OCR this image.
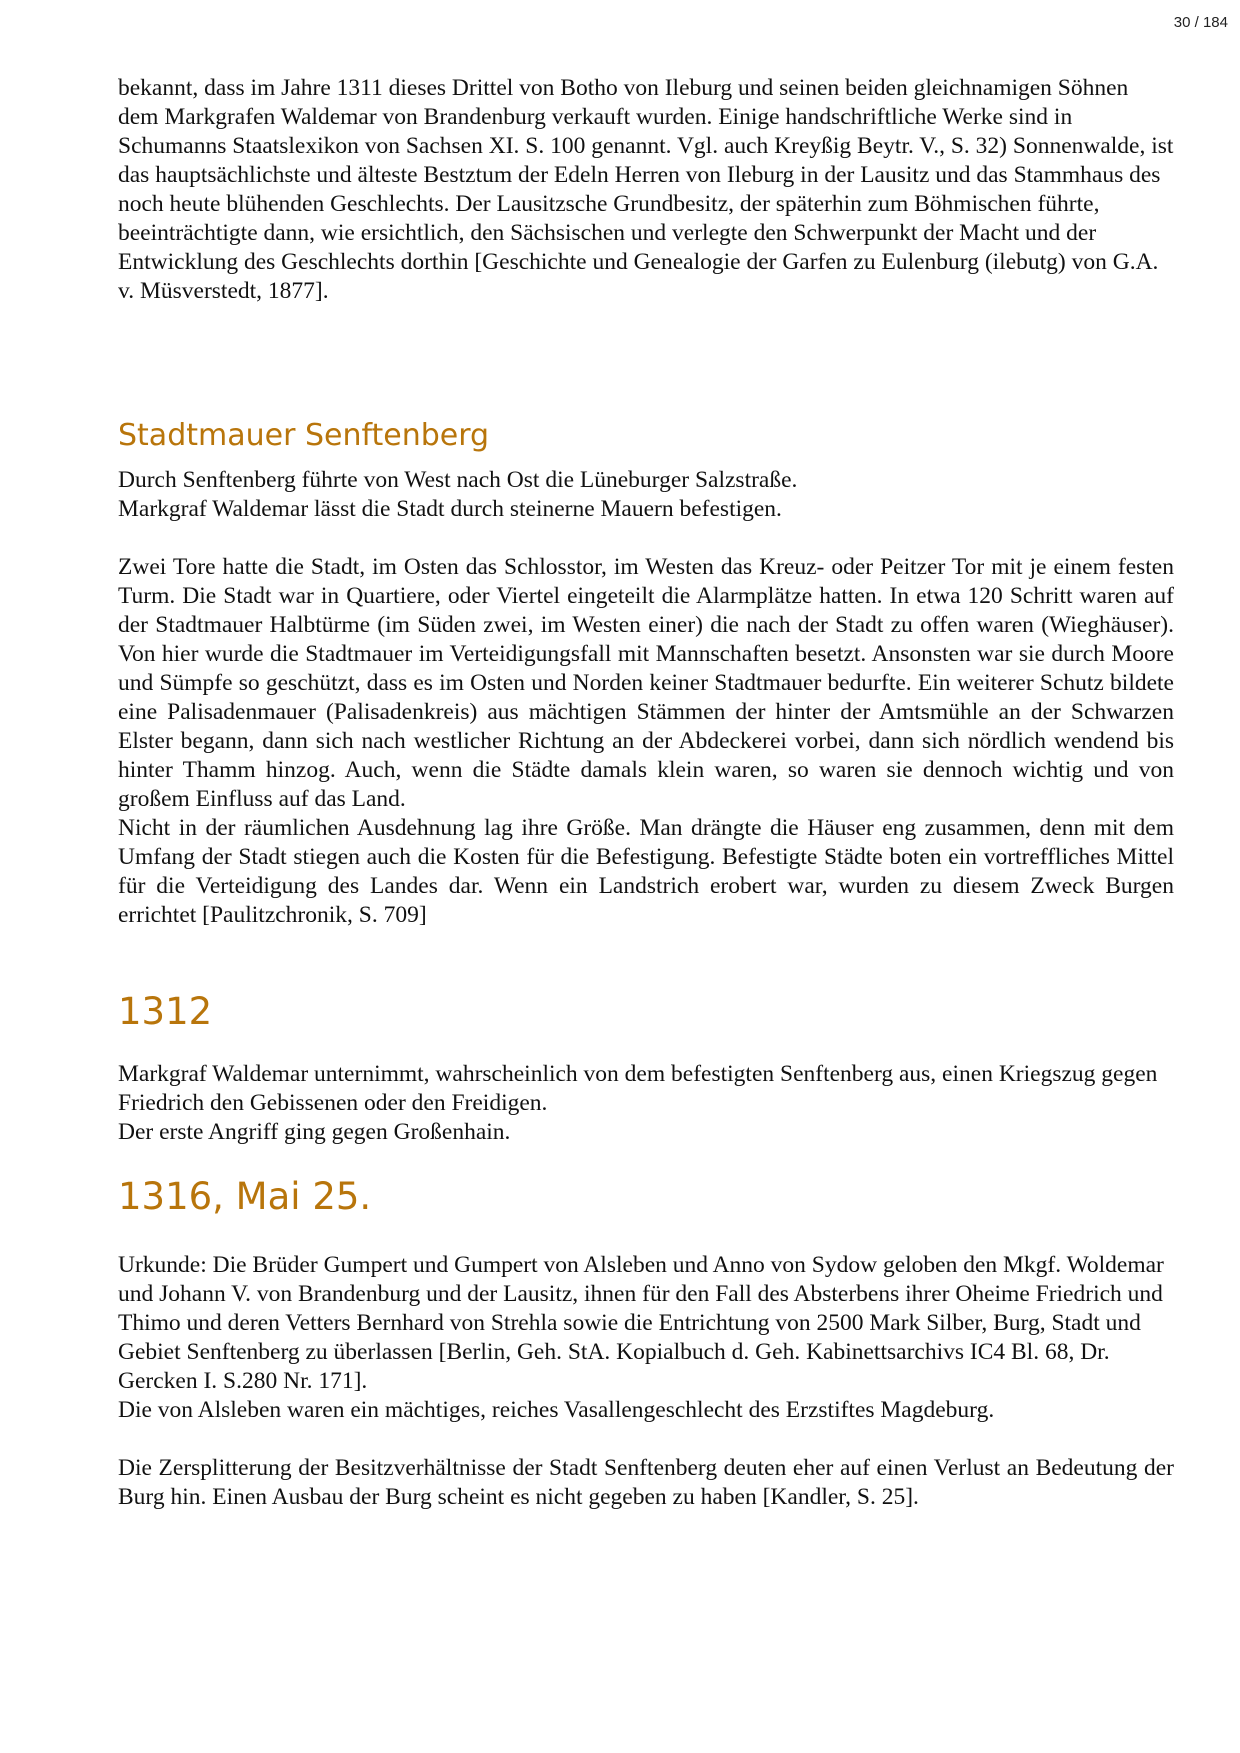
30 / 184

bekannt, dass im Jahre 1311 dieses Drittel von Botho von Ileburg und seinen beiden gleichnamigen Söhnen dem Markgrafen Waldemar von Brandenburg verkauft wurden. Einige handschriftliche Werke sind in Schumanns Staatslexikon von Sachsen XI. S. 100 genannt. Vgl. auch Kreyßig Beytr. V., S. 32) Sonnenwalde, ist das hauptsächlichste und älteste Bestztum der Edeln Herren von Ileburg in der Lausitz und das Stammhaus des noch heute blühenden Geschlechts. Der Lausitzsche Grundbesitz, der späterhin zum Böhmischen führte, beeinträchtigte dann, wie ersichtlich, den Sächsischen und verlegte den Schwerpunkt der Macht und der Entwicklung des Geschlechts dorthin [Geschichte und Genealogie der Garfen zu Eulenburg (ilebutg) von G.A. v. Müsverstedt, 1877].

Stadtmauer Senftenberg

Durch Senftenberg führte von West nach Ost die Lüneburger Salzstraße.

Markgraf Waldemar lässt die Stadt durch steinerne Mauern befestigen.

Zwei Tore hatte die Stadt, im Osten das Schlosstor, im Westen das Kreuz- oder Peitzer Tor mit je einem festen Turm. Die Stadt war in Quartiere, oder Viertel eingeteilt die Alarmplätze hatten. In etwa 120 Schritt waren auf der Stadtmauer Halbtürme (im Süden zwei, im Westen einer) die nach der Stadt zu offen waren (Wieghäuser). Von hier wurde die Stadtmauer im Verteidigungsfall mit Mannschaften besetzt. Ansonsten war sie durch Moore und Sümpfe so geschützt, dass es im Osten und Norden keiner Stadtmauer bedurfte. Ein weiterer Schutz bildete eine Palisadenmauer (Palisadenkreis) aus mächtigen Stämmen der hinter der Amtsmühle an der Schwarzen Elster begann, dann sich nach westlicher Richtung an der Abdeckerei vorbei, dann sich nördlich wendend bis hinter Thamm hinzog. Auch, wenn die Städte damals klein waren, so waren sie dennoch wichtig und von großem Einfluss auf das Land.

Nicht in der räumlichen Ausdehnung lag ihre Größe. Man drängte die Häuser eng zusammen, denn mit dem Umfang der Stadt stiegen auch die Kosten für die Befestigung. Befestigte Städte boten ein vortreffliches Mittel für die Verteidigung des Landes dar. Wenn ein Landstrich erobert war, wurden zu diesem Zweck Burgen errichtet [Paulitzchronik, S. 709]

1312

Markgraf Waldemar unternimmt, wahrscheinlich von dem befestigten Senftenberg aus, einen Kriegszug gegen Friedrich den Gebissenen oder den Freidigen.

Der erste Angriff ging gegen Großenhain.

1316, Mai 25.

Urkunde: Die Brüder Gumpert und Gumpert von Alsleben und Anno von Sydow geloben den Mkgf. Woldemar und Johann V. von Brandenburg und der Lausitz, ihnen für den Fall des Absterbens ihrer Oheime Friedrich und Thimo und deren Vetters Bernhard von Strehla sowie die Entrichtung von 2500 Mark Silber, Burg, Stadt und Gebiet Senftenberg zu überlassen [Berlin, Geh. StA. Kopialbuch d. Geh. Kabinettsarchivs IC4 Bl. 68, Dr. Gercken I. S.280 Nr. 171].

Die von Alsleben waren ein mächtiges, reiches Vasallengeschlecht des Erzstiftes Magdeburg.

Die Zersplitterung der Besitzverhältnisse der Stadt Senftenberg deuten eher auf einen Verlust an Bedeutung der Burg hin. Einen Ausbau der Burg scheint es nicht gegeben zu haben [Kandler, S. 25].
